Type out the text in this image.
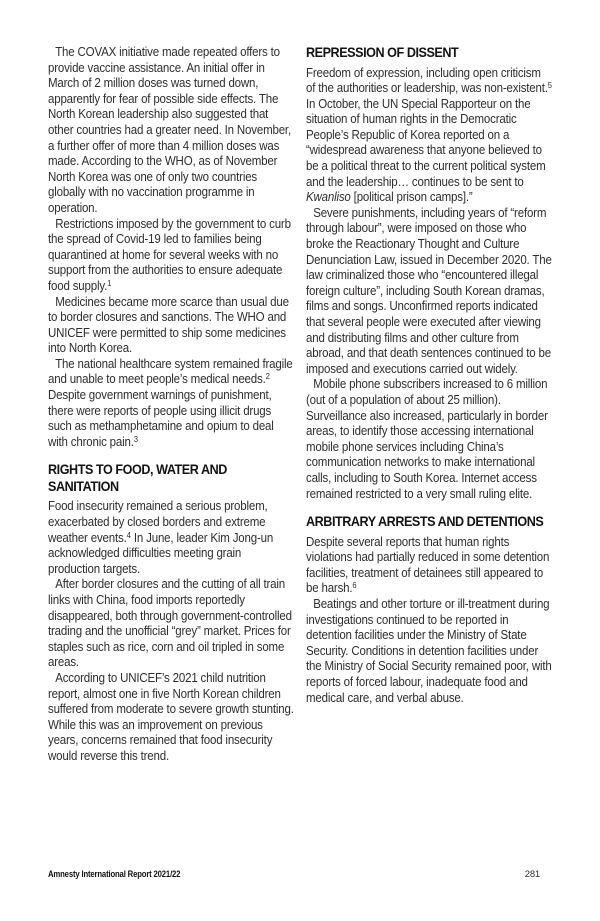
The COVAX initiative made repeated offers to provide vaccine assistance. An initial offer in March of 2 million doses was turned down, apparently for fear of possible side effects. The North Korean leadership also suggested that other countries had a greater need. In November, a further offer of more than 4 million doses was made. According to the WHO, as of November North Korea was one of only two countries globally with no vaccination programme in operation.

Restrictions imposed by the government to curb the spread of Covid-19 led to families being quarantined at home for several weeks with no support from the authorities to ensure adequate food supply.$^1$

Medicines became more scarce than usual due to border closures and sanctions. The WHO and UNICEF were permitted to ship some medicines into North Korea.

The national healthcare system remained fragile and unable to meet people’s medical needs.$^2$ Despite government warnings of punishment, there were reports of people using illicit drugs such as methamphetamine and opium to deal with chronic pain.$^3$

RIGHTS TO FOOD, WATER AND SANITATION

Food insecurity remained a serious problem, exacerbated by closed borders and extreme weather events.$^4$ In June, leader Kim Jong-un acknowledged difficulties meeting grain production targets.

After border closures and the cutting of all train links with China, food imports reportedly disappeared, both through government-controlled trading and the unofficial “grey” market. Prices for staples such as rice, corn and oil tripled in some areas.

According to UNICEF’s 2021 child nutrition report, almost one in five North Korean children suffered from moderate to severe growth stunting. While this was an improvement on previous years, concerns remained that food insecurity would reverse this trend.

REPRESSION OF DISSENT

Freedom of expression, including open criticism of the authorities or leadership, was non-existent.$^5$ In October, the UN Special Rapporteur on the situation of human rights in the Democratic People’s Republic of Korea reported on a “widespread awareness that anyone believed to be a political threat to the current political system and the leadership… continues to be sent to Kwanliso [political prison camps].”

Severe punishments, including years of “reform through labour”, were imposed on those who broke the Reactionary Thought and Culture Denunciation Law, issued in December 2020. The law criminalized those who “encountered illegal foreign culture”, including South Korean dramas, films and songs. Unconfirmed reports indicated that several people were executed after viewing and distributing films and other culture from abroad, and that death sentences continued to be imposed and executions carried out widely.

Mobile phone subscribers increased to 6 million (out of a population of about 25 million). Surveillance also increased, particularly in border areas, to identify those accessing international mobile phone services including China’s communication networks to make international calls, including to South Korea. Internet access remained restricted to a very small ruling elite.

ARBITRARY ARRESTS AND DETENTIONS

Despite several reports that human rights violations had partially reduced in some detention facilities, treatment of detainees still appeared to be harsh.$^6$

Beatings and other torture or ill-treatment during investigations continued to be reported in detention facilities under the Ministry of State Security. Conditions in detention facilities under the Ministry of Social Security remained poor, with reports of forced labour, inadequate food and medical care, and verbal abuse.

Amnesty International Report 2021/22	281
